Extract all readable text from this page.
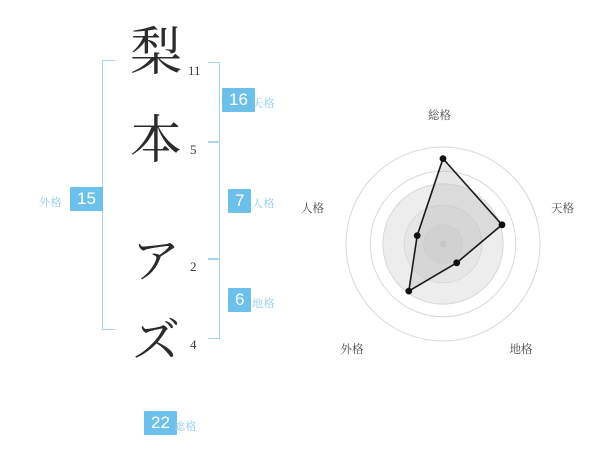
梨
本
ア
ズ
11
5
2
4
16 天格
7 人格
6 地格
15
外格
22 総格
総格
天格
地格
外格
人格
